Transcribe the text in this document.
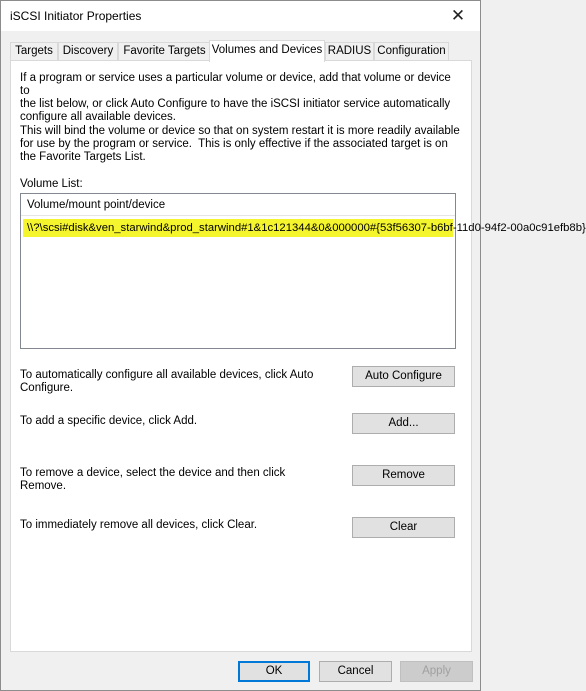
iSCSI Initiator Properties	✕
Targets Discovery Favorite Targets Volumes and Devices RADIUS Configuration
If a program or service uses a particular volume or device, add that volume or device to
the list below, or click Auto Configure to have the iSCSI initiator service automatically
configure all available devices.
This will bind the volume or device so that on system restart it is more readily available
for use by the program or service.  This is only effective if the associated target is on
the Favorite Targets List.
Volume List:
Volume/mount point/device
\\?\scsi#disk&ven_starwind&prod_starwind#1&1c121344&0&000000#{53f56307-b6bf-11d0-94f2-00a0c91efb8b}
To automatically configure all available devices, click Auto
Configure.
Auto Configure
To add a specific device, click Add.	Add...
To remove a device, select the device and then click
Remove.
Remove
To immediately remove all devices, click Clear.	Clear
OK	Cancel	Apply
